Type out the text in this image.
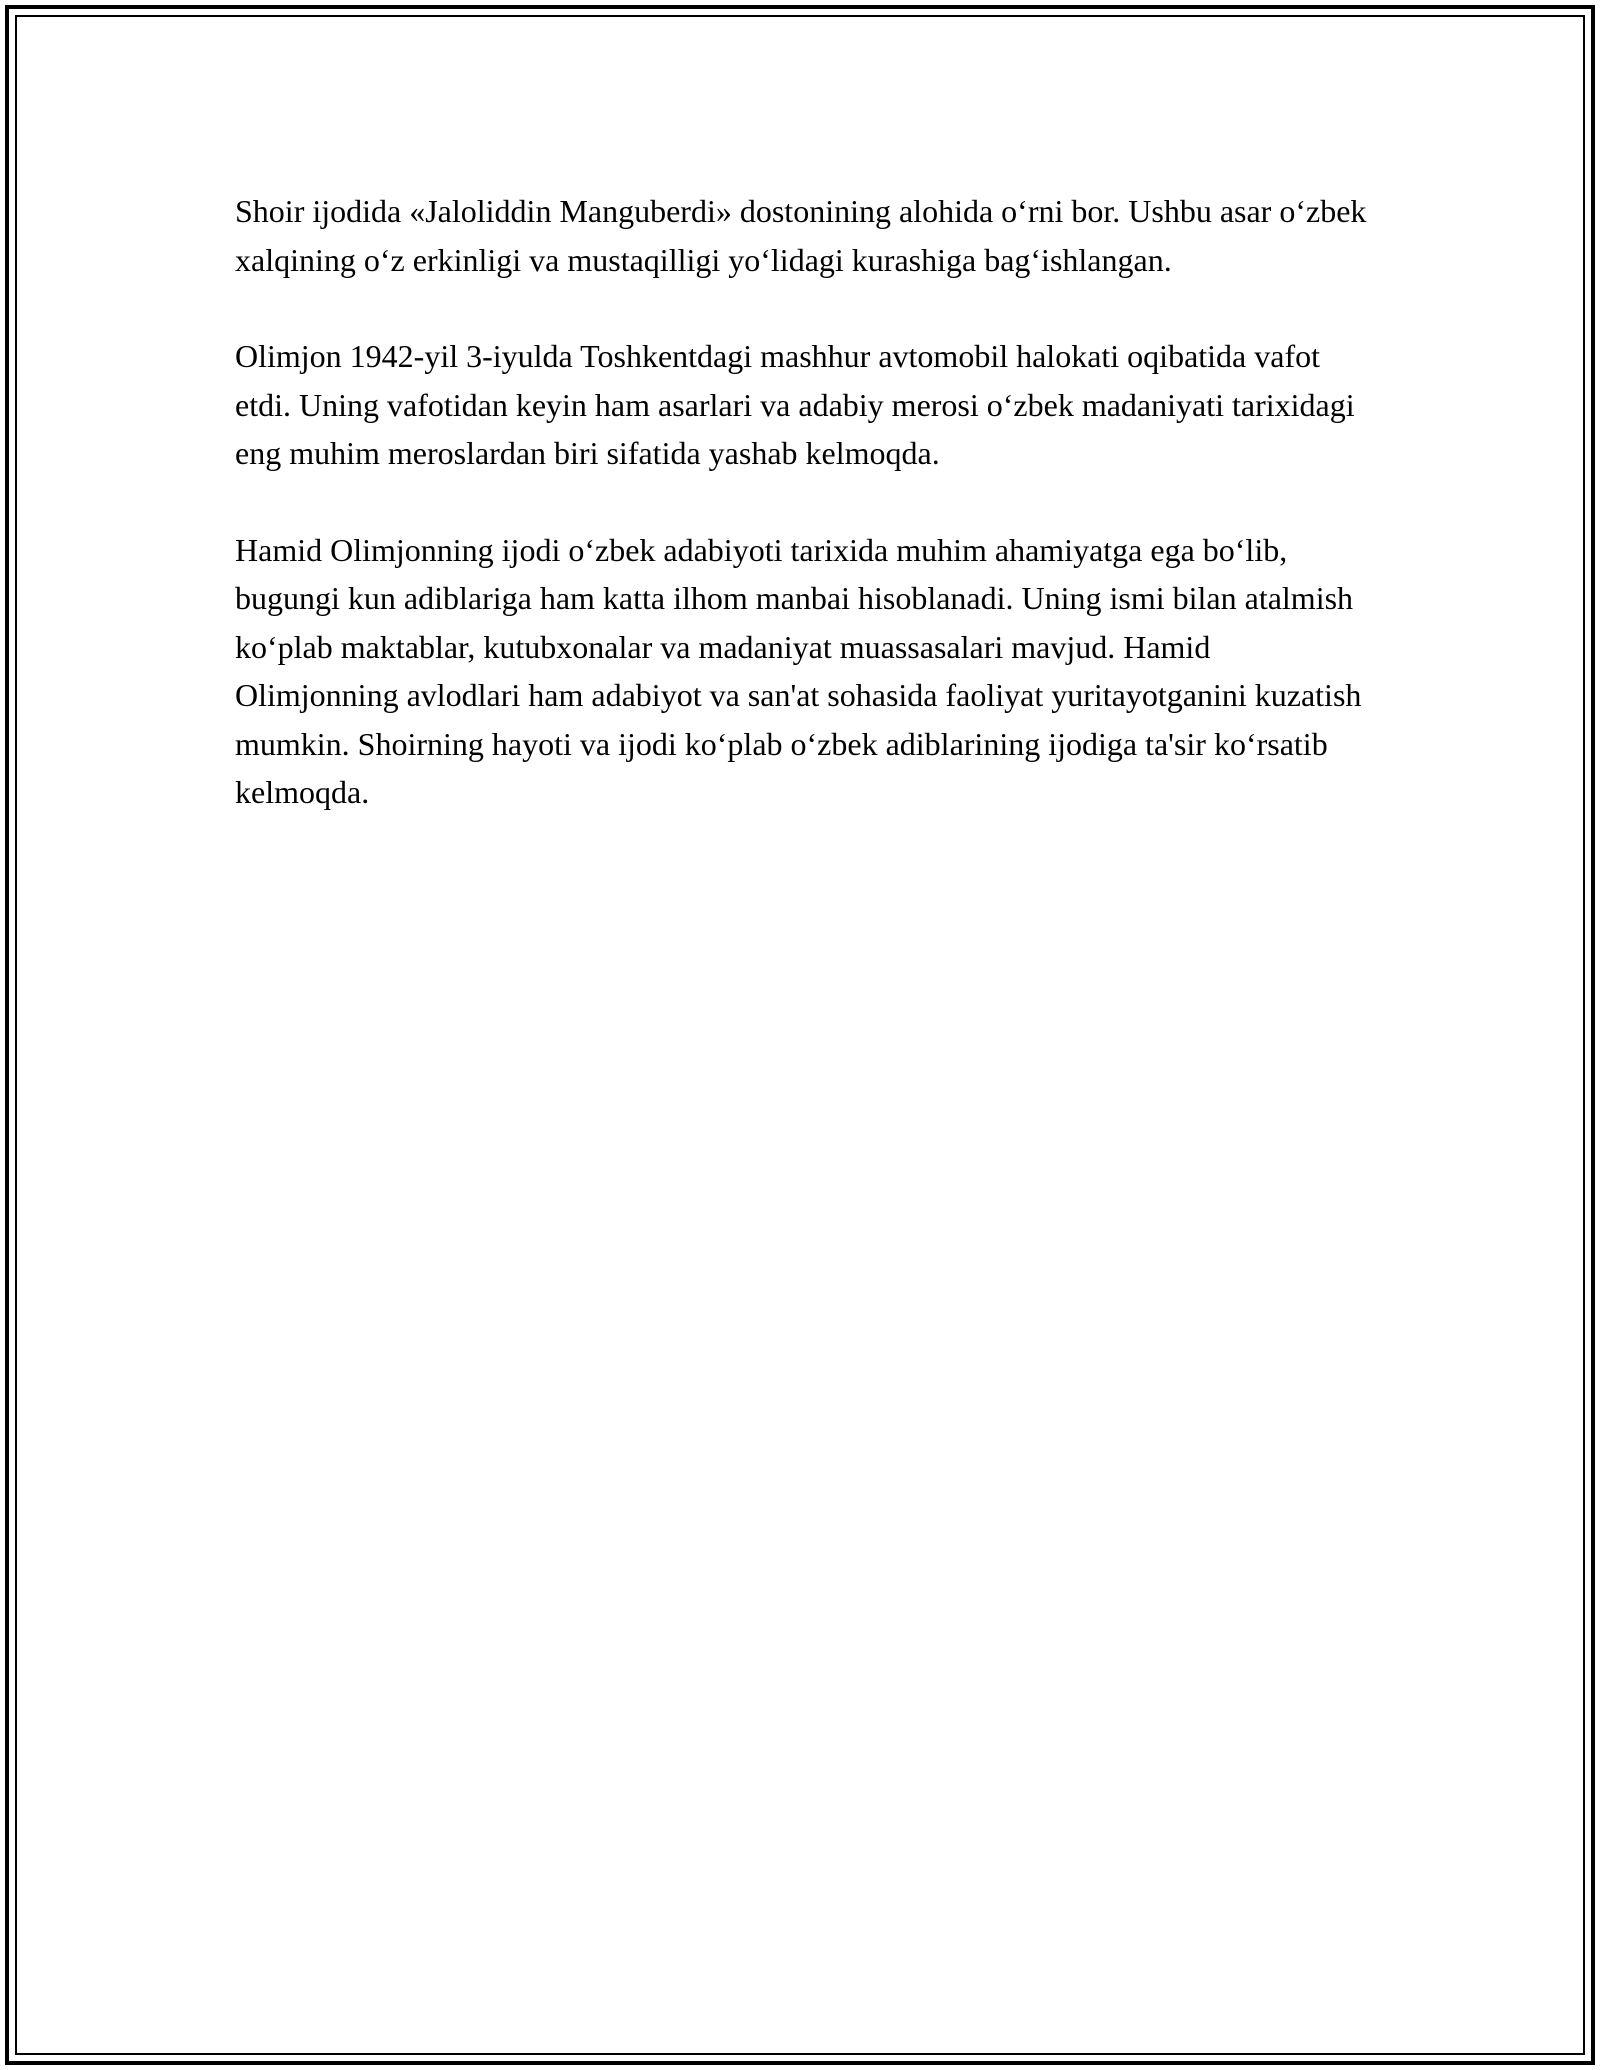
Shoir ijodida «Jaloliddin Manguberdi» dostonining alohida oʻrni bor. Ushbu asar oʻzbek xalqining oʻz erkinligi va mustaqilligi yoʻlidagi kurashiga bagʻishlangan.

Olimjon 1942-yil 3-iyulda Toshkentdagi mashhur avtomobil halokati oqibatida vafot etdi. Uning vafotidan keyin ham asarlari va adabiy merosi oʻzbek madaniyati tarixidagi eng muhim meroslardan biri sifatida yashab kelmoqda.

Hamid Olimjonning ijodi oʻzbek adabiyoti tarixida muhim ahamiyatga ega boʻlib, bugungi kun adiblariga ham katta ilhom manbai hisoblanadi. Uning ismi bilan atalmish koʻplab maktablar, kutubxonalar va madaniyat muassasalari mavjud. Hamid Olimjonning avlodlari ham adabiyot va san'at sohasida faoliyat yuritayotganini kuzatish mumkin. Shoirning hayoti va ijodi koʻplab oʻzbek adiblarining ijodiga ta'sir koʻrsatib kelmoqda.
